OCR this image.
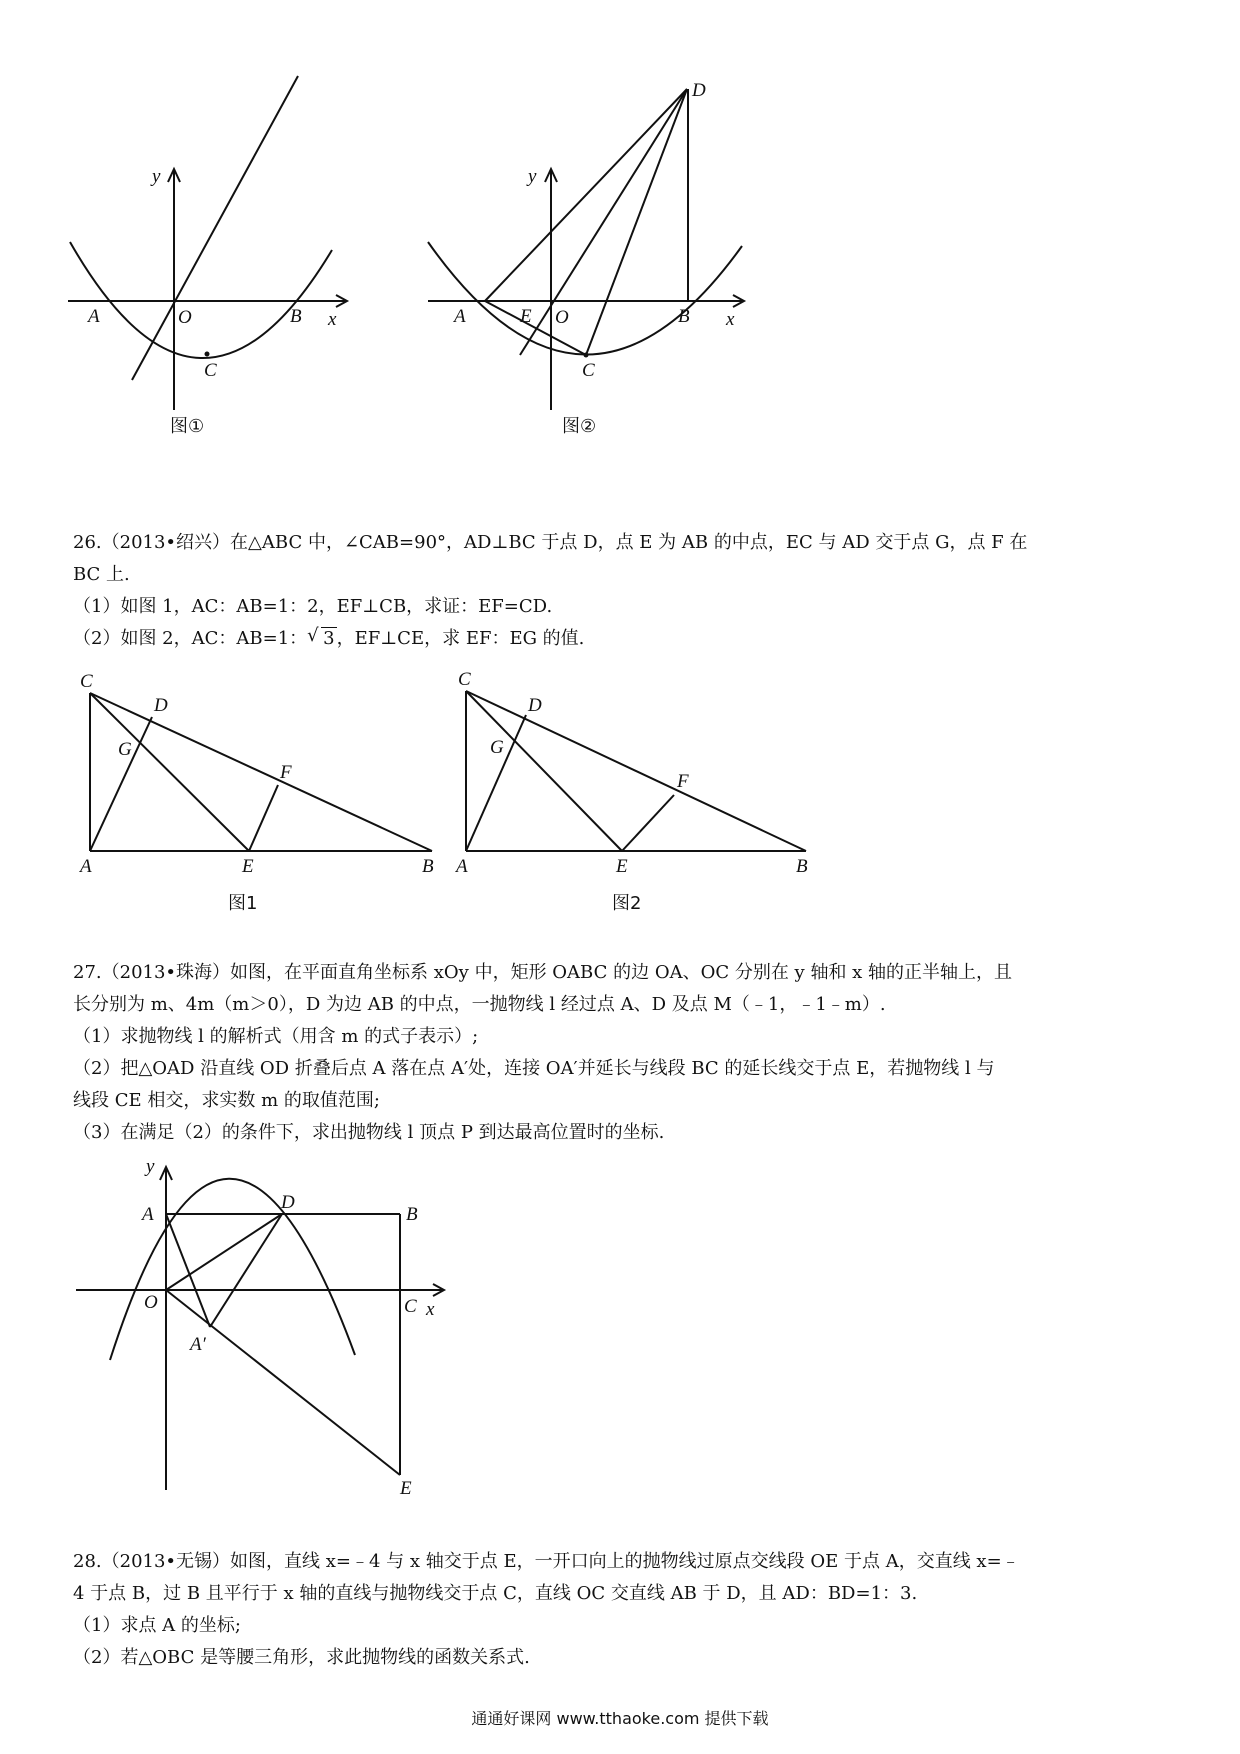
y
A	O	B x
C
图①
D
y
A	E O	B x
C
图②

26.（2013•绍兴）在△ABC 中，∠CAB=90°，AD⊥BC 于点 D，点 E 为 AB 的中点，EC 与 AD 交于点 G，点 F 在

BC 上.

（1）如图 1，AC：AB=1：2，EF⊥CB，求证：EF=CD.

（2）如图 2，AC：AB=1： √ 3 ，EF⊥CE，求 EF：EG 的值.

C
D
G
F
A	E	B
图1
C
D
G
F
A	E	B
图2

27.（2013•珠海）如图，在平面直角坐标系 xOy 中，矩形 OABC 的边 OA、OC 分别在 y 轴和 x 轴的正半轴上，且

长分别为 m、4m（m＞0），D 为边 AB 的中点，一抛物线 l 经过点 A、D 及点 M（﹣1，﹣1﹣m）.

（1）求抛物线 l 的解析式（用含 m 的式子表示）;

（2）把△OAD 沿直线 OD 折叠后点 A 落在点 A′处，连接 OA′并延长与线段 BC 的延长线交于点 E，若抛物线 l 与

线段 CE 相交，求实数 m 的取值范围;

（3）在满足（2）的条件下，求出抛物线 l 顶点 P 到达最高位置时的坐标.

y
A
D
B
O	C x
A′
E

28.（2013•无锡）如图，直线 x=﹣4 与 x 轴交于点 E，一开口向上的抛物线过原点交线段 OE 于点 A，交直线 x=﹣

4 于点 B，过 B 且平行于 x 轴的直线与抛物线交于点 C，直线 OC 交直线 AB 于 D，且 AD：BD=1：3.

（1）求点 A 的坐标;

（2）若△OBC 是等腰三角形，求此抛物线的函数关系式.

通通好课网 www.tthaoke.com 提供下载
